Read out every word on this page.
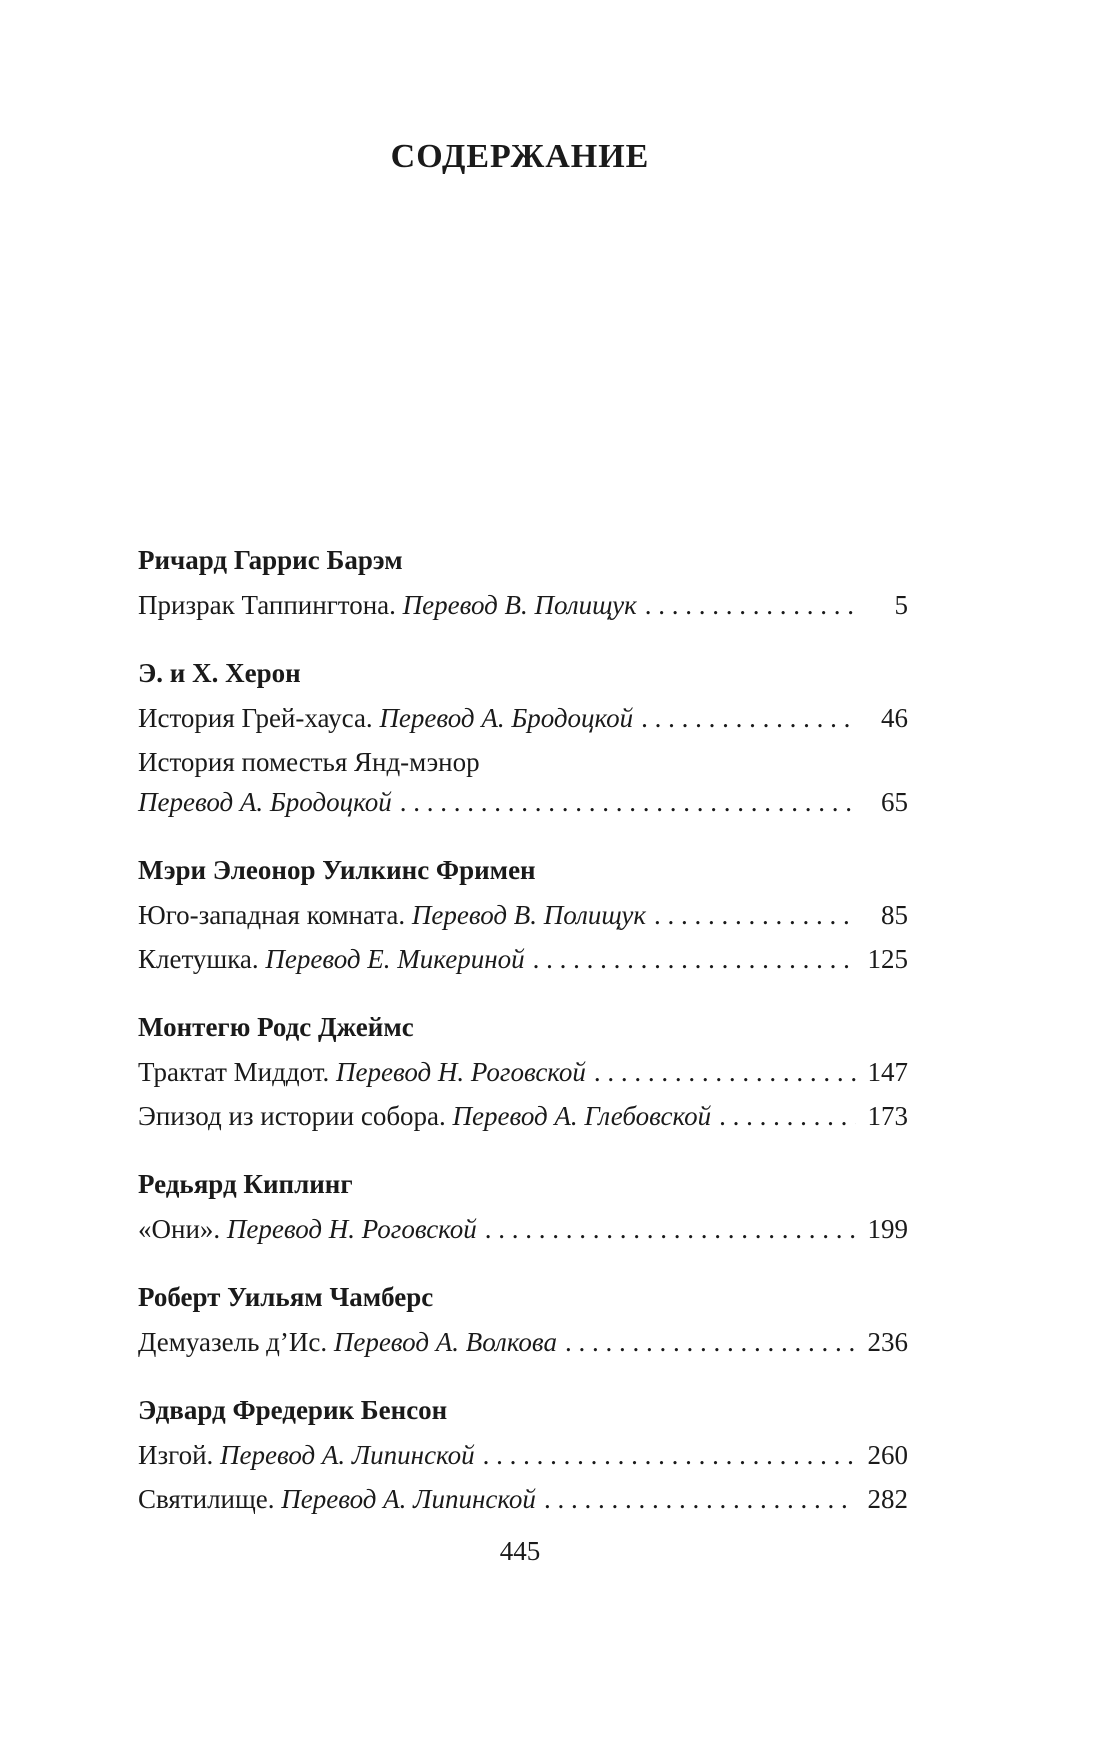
СОДЕРЖАНИЕ
Ричард Гаррис Барэм
Призрак Таппингтона. Перевод В. Полищук . . .	5
Э. и Х. Херон
История Грей-хауса. Перевод А. Бродоцкой . . .	46
История поместья Янд-мэнор
Перевод А. Бродоцкой . . .	65
Мэри Элеонор Уилкинс Фримен
Юго-западная комната. Перевод В. Полищук . . .	85
Клетушка. Перевод Е. Микериной . . .	125
Монтегю Родс Джеймс
Трактат Миддот. Перевод Н. Роговской . . .	147
Эпизод из истории собора. Перевод А. Глебовской . . .	173
Редьярд Киплинг
«Они». Перевод Н. Роговской . . .	199
Роберт Уильям Чамберс
Демуазель д’Ис. Перевод А. Волкова . . .	236
Эдвард Фредерик Бенсон
Изгой. Перевод А. Липинской . . .	260
Святилище. Перевод А. Липинской . . .	282
445
